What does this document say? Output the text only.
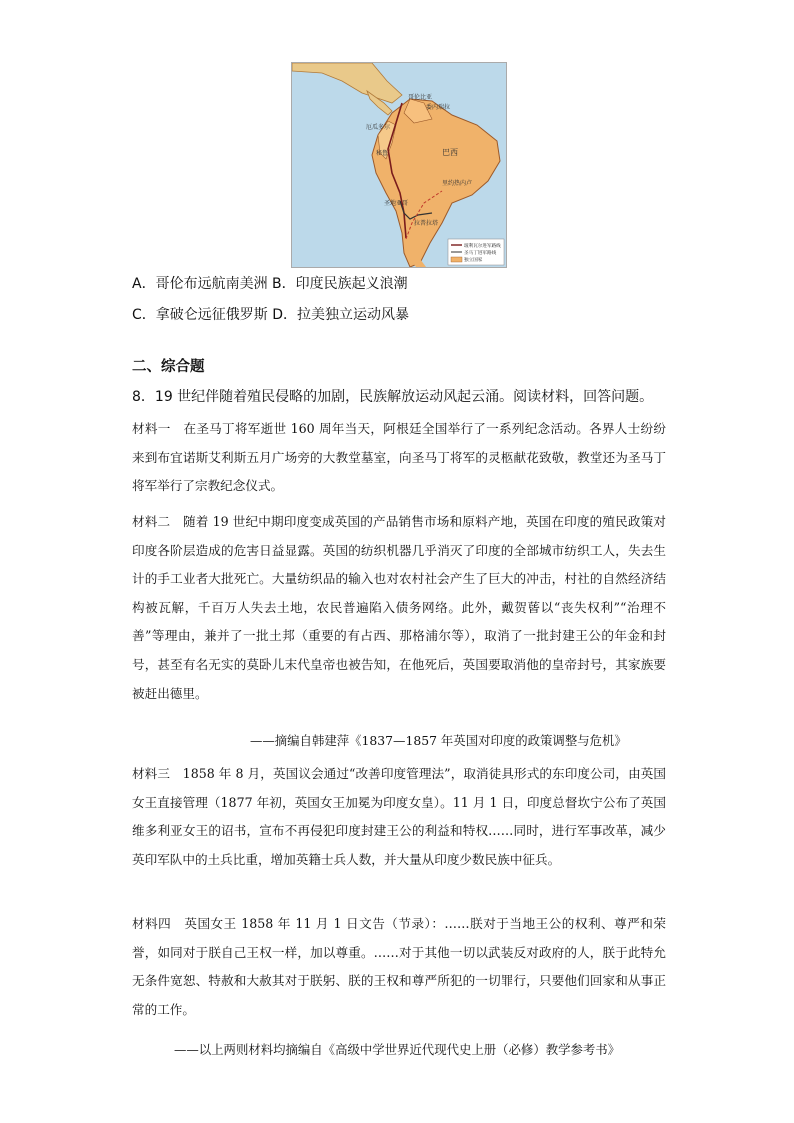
哥伦比亚
委内瑞拉
厄瓜多尔
秘鲁	巴西
圣地亚哥
里约热内卢
拉普拉塔
玻利瓦尔进军路线
圣马丁进军路线
独立国家
A．哥伦布远航南美洲 B．印度民族起义浪潮
C．拿破仑远征俄罗斯 D．拉美独立运动风暴
二、综合题
8．19 世纪伴随着殖民侵略的加剧，民族解放运动风起云涌。阅读材料，回答问题。

材料一　在圣马丁将军逝世 160 周年当天，阿根廷全国举行了一系列纪念活动。各界人士纷纷来到布宜诺斯艾利斯五月广场旁的大教堂墓室，向圣马丁将军的灵柩献花致敬，教堂还为圣马丁将军举行了宗教纪念仪式。

材料二　随着 19 世纪中期印度变成英国的产品销售市场和原料产地，英国在印度的殖民政策对印度各阶层造成的危害日益显露。英国的纺织机器几乎消灭了印度的全部城市纺织工人，失去生计的手工业者大批死亡。大量纺织品的输入也对农村社会产生了巨大的冲击，村社的自然经济结构被瓦解，千百万人失去土地，农民普遍陷入债务网络。此外，戴贺蒈以“丧失权利”“治理不善”等理由，兼并了一批土邦（重要的有占西、那格浦尔等），取消了一批封建王公的年金和封号，甚至有名无实的莫卧儿末代皇帝也被告知，在他死后，英国要取消他的皇帝封号，其家族要被赶出德里。

——摘编自韩建萍《1837—1857 年英国对印度的政策调整与危机》

材料三　1858 年 8 月，英国议会通过“改善印度管理法”，取消徒具形式的东印度公司，由英国女王直接管理（1877 年初，英国女王加冕为印度女皇）。11 月 1 日，印度总督坎宁公布了英国维多利亚女王的诏书，宣布不再侵犯印度封建王公的利益和特权……同时，进行军事改革，减少英印军队中的土兵比重，增加英籍士兵人数，并大量从印度少数民族中征兵。

材料四　英国女王 1858 年 11 月 1 日文告（节录）：……朕对于当地王公的权利、尊严和荣誉，如同对于朕自己王权一样，加以尊重。……对于其他一切以武装反对政府的人，朕于此特允无条件宽恕、特赦和大赦其对于朕躬、朕的王权和尊严所犯的一切罪行，只要他们回家和从事正常的工作。

——以上两则材料均摘编自《高级中学世界近代现代史上册（必修）教学参考书》
